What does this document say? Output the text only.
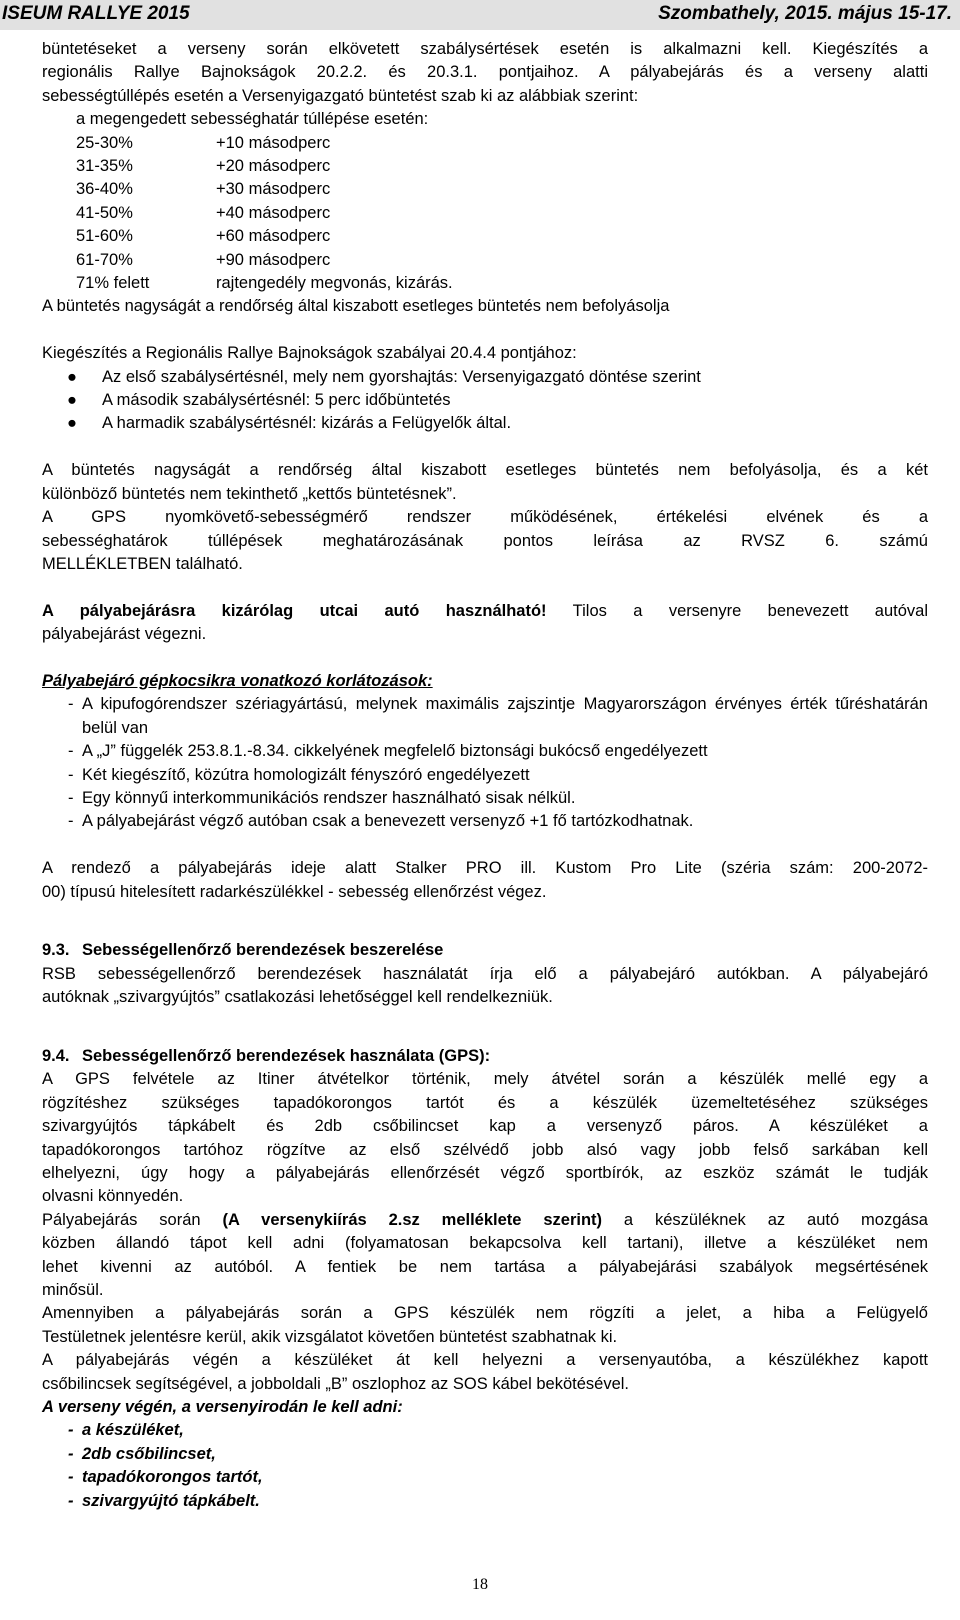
ISEUM RALLYE 2015	Szombathely, 2015. május 15-17.

büntetéseket a verseny során elkövetett szabálysértések esetén is alkalmazni kell. Kiegészítés a

regionális Rallye Bajnokságok 20.2.2. és 20.3.1. pontjaihoz. A pályabejárás és a verseny alatti

sebességtúllépés esetén a Versenyigazgató büntetést szab ki az alábbiak szerint:

a megengedett sebességhatár túllépése esetén:

25-30%	+10 másodperc
31-35%	+20 másodperc
36-40%	+30 másodperc
41-50%	+40 másodperc
51-60%	+60 másodperc
61-70%	+90 másodperc
71% felett	rajtengedély megvonás, kizárás.

A büntetés nagyságát a rendőrség által kiszabott esetleges büntetés nem befolyásolja

Kiegészítés a Regionális Rallye Bajnokságok szabályai 20.4.4 pontjához:

●	Az első szabálysértésnél, mely nem gyorshajtás: Versenyigazgató döntése szerint
●	A második szabálysértésnél: 5 perc időbüntetés
●	A harmadik szabálysértésnél: kizárás a Felügyelők által.

A büntetés nagyságát a rendőrség által kiszabott esetleges büntetés nem befolyásolja, és a két

különböző büntetés nem tekinthető „kettős büntetésnek”.

A GPS nyomkövető-sebességmérő rendszer működésének, értékelési elvének és a

sebességhatárok túllépések meghatározásának pontos leírása az RVSZ 6. számú

MELLÉKLETBEN található.

A pályabejárásra kizárólag utcai autó használható! Tilos a versenyre benevezett autóval

pályabejárást végezni.

Pályabejáró gépkocsikra vonatkozó korlátozások:

- A kipufogórendszer szériagyártású, melynek maximális zajszintje Magyarországon érvényes érték tűréshatárán belül van
- A „J” függelék 253.8.1.-8.34. cikkelyének megfelelő biztonsági bukócső engedélyezett
- Két kiegészítő, közútra homologizált fényszóró engedélyezett
- Egy könnyű interkommunikációs rendszer használható sisak nélkül.
- A pályabejárást végző autóban csak a benevezett versenyző +1 fő tartózkodhatnak.

A rendező a pályabejárás ideje alatt Stalker PRO ill. Kustom Pro Lite (széria szám: 200-2072-

00) típusú hitelesített radarkészülékkel - sebesség ellenőrzést végez.

9.3. Sebességellenőrző berendezések beszerelése

RSB sebességellenőrző berendezések használatát írja elő a pályabejáró autókban. A pályabejáró

autóknak „szivargyújtós” csatlakozási lehetőséggel kell rendelkezniük.

9.4. Sebességellenőrző berendezések használata (GPS):

A GPS felvétele az Itiner átvételkor történik, mely átvétel során a készülék mellé egy a

rögzítéshez szükséges tapadókorongos tartót és a készülék üzemeltetéséhez szükséges

szivargyújtós tápkábelt és 2db csőbilincset kap a versenyző páros. A készüléket a

tapadókorongos tartóhoz rögzítve az első szélvédő jobb alsó vagy jobb felső sarkában kell

elhelyezni, úgy hogy a pályabejárás ellenőrzését végző sportbírók, az eszköz számát le tudják

olvasni könnyedén.

Pályabejárás során (A versenykiírás 2.sz melléklete szerint) a készüléknek az autó mozgása

közben állandó tápot kell adni (folyamatosan bekapcsolva kell tartani), illetve a készüléket nem

lehet kivenni az autóból. A fentiek be nem tartása a pályabejárási szabályok megsértésének

minősül.

Amennyiben a pályabejárás során a GPS készülék nem rögzíti a jelet, a hiba a Felügyelő

Testületnek jelentésre kerül, akik vizsgálatot követően büntetést szabhatnak ki.

A pályabejárás végén a készüléket át kell helyezni a versenyautóba, a készülékhez kapott

csőbilincsek segítségével, a jobboldali „B” oszlophoz az SOS kábel bekötésével.

A verseny végén, a versenyirodán le kell adni:

- a készüléket,
- 2db csőbilincset,
- tapadókorongos tartót,
- szivargyújtó tápkábelt.
18
